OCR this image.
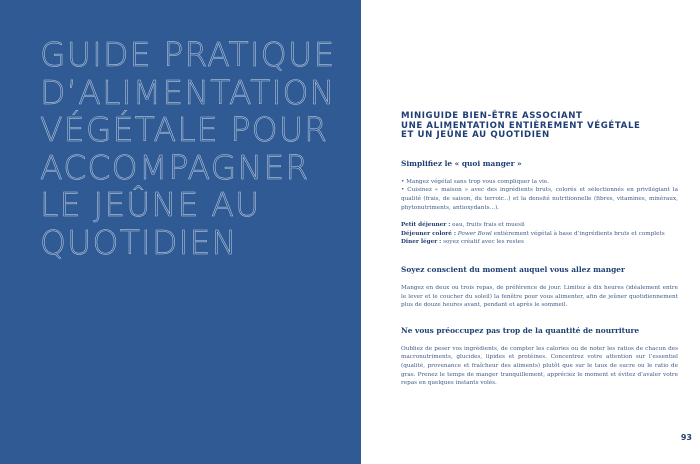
GUIDE PRATIQUE
D’ALIMENTATION
VÉGÉTALE POUR
ACCOMPAGNER
LE JEÛNE AU
QUOTIDIEN
MINIGUIDE BIEN-ÊTRE ASSOCIANT
UNE ALIMENTATION ENTIÈREMENT VÉGÉTALE
ET UN JEÛNE AU QUOTIDIEN
Simplifiez le « quoi manger »

• Mangez végétal sans trop vous compliquer la vie.

• Cuisinez « maison » avec des ingrédients bruts, colorés et sélectionnés en privilégiant la qualité (frais, de saison, du terroir...) et la densité nutritionnelle (fibres, vitamines, minéraux, phytonutriments, antioxydants...).

Petit déjeuner : eau, fruits frais et muesli

Déjeuner coloré : Power Bowl entièrement végétal à base d’ingrédients bruts et complets

Dîner léger : soyez créatif avec les restes

Soyez conscient du moment auquel vous allez manger

Mangez en deux ou trois repas, de préférence de jour. Limitez à dix heures (idéalement entre le lever et le coucher du soleil) la fenêtre pour vous alimenter, afin de jeûner quotidiennement plus de douze heures avant, pendant et après le sommeil.

Ne vous préoccupez pas trop de la quantité de nourriture

Oubliez de peser vos ingrédients, de compter les calories ou de noter les ratios de chacun des macronutriments, glucides, lipides et protéines. Concentrez votre attention sur l’essentiel (qualité, provenance et fraîcheur des aliments) plutôt que sur le taux de sucre ou le ratio de gras. Prenez le temps de manger tranquillement, appréciez le moment et évitez d’avaler votre repas en quelques instants volés.

93
